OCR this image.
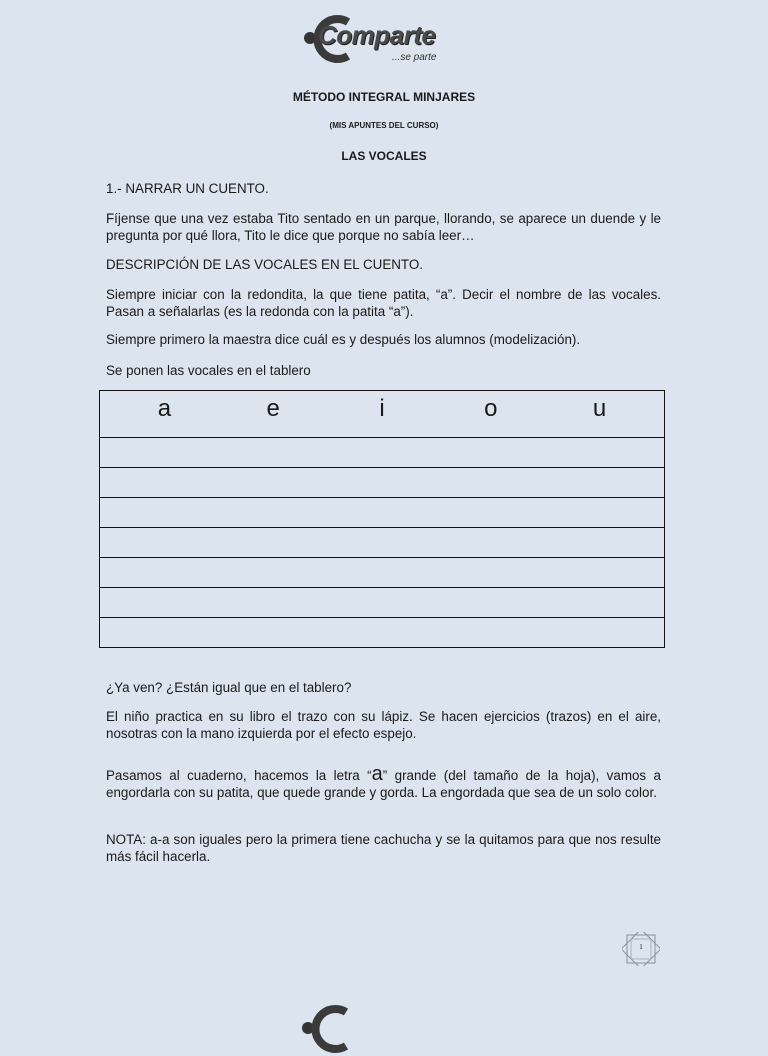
Comparte
...se parte
MÉTODO INTEGRAL MINJARES
(MIS APUNTES DEL CURSO)
LAS VOCALES
1.- NARRAR UN CUENTO.
Fíjense que una vez estaba Tito sentado en un parque, llorando, se aparece un duende y le pregunta por qué llora, Tito le dice que porque no sabía leer…
DESCRIPCIÓN DE LAS VOCALES EN EL CUENTO.
Siempre iniciar con la redondita, la que tiene patita, “a”. Decir el nombre de las vocales. Pasan a señalarlas (es la redonda con la patita “a”).
Siempre primero la maestra dice cuál es y después los alumnos (modelización).
Se ponen las vocales en el tablero
a	e	i	o	u

¿Ya ven? ¿Están igual que en el tablero?
El niño practica en su libro el trazo con su lápiz. Se hacen ejercicios (trazos) en el aire, nosotras con la mano izquierda por el efecto espejo.
Pasamos al cuaderno, hacemos la letra “a” grande (del tamaño de la hoja), vamos a engordarla con su patita, que quede grande y gorda. La engordada que sea de un solo color.
NOTA: a-a son iguales pero la primera tiene cachucha y se la quitamos para que nos resulte más fácil hacerla.
1
